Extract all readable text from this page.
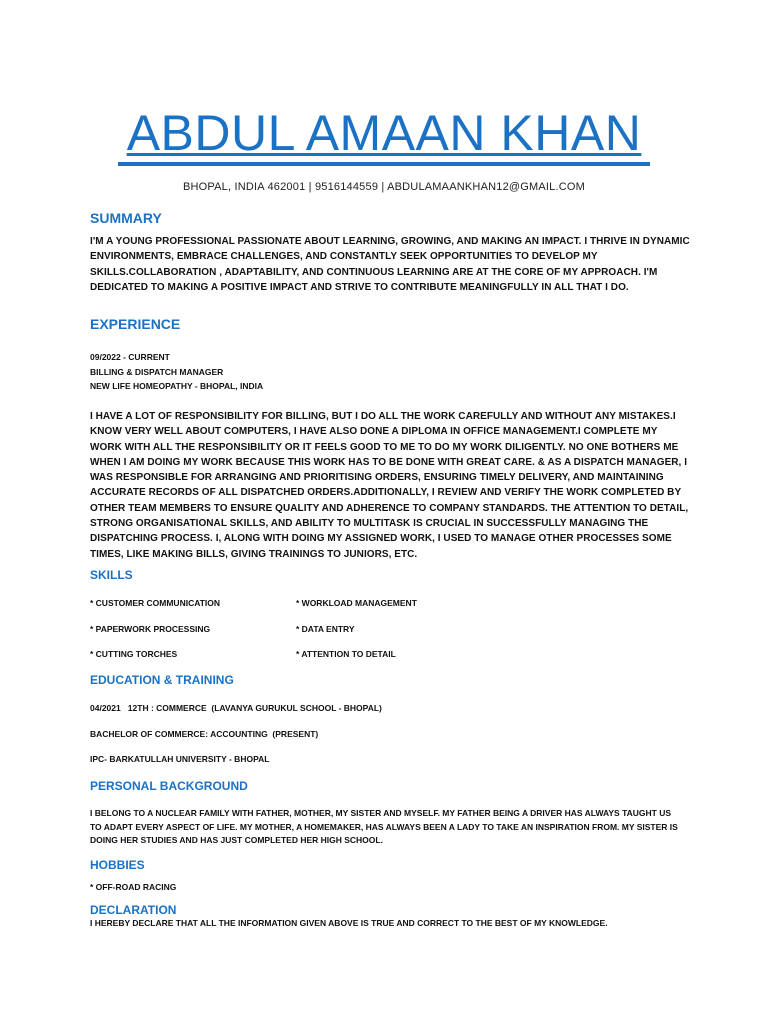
ABDUL AMAAN KHAN
BHOPAL, INDIA 462001 | 9516144559 | ABDULAMAANKHAN12@GMAIL.COM
SUMMARY

I'M A YOUNG PROFESSIONAL PASSIONATE ABOUT LEARNING, GROWING, AND MAKING AN IMPACT. I THRIVE IN DYNAMIC ENVIRONMENTS, EMBRACE CHALLENGES, AND CONSTANTLY SEEK OPPORTUNITIES TO DEVELOP MY SKILLS.COLLABORATION , ADAPTABILITY, AND CONTINUOUS LEARNING ARE AT THE CORE OF MY APPROACH. I'M DEDICATED TO MAKING A POSITIVE IMPACT AND STRIVE TO CONTRIBUTE MEANINGFULLY IN ALL THAT I DO.

EXPERIENCE

09/2022 - CURRENT

BILLING & DISPATCH MANAGER

NEW LIFE HOMEOPATHY - BHOPAL, INDIA

I HAVE A LOT OF RESPONSIBILITY FOR BILLING, BUT I DO ALL THE WORK CAREFULLY AND WITHOUT ANY MISTAKES.I KNOW VERY WELL ABOUT COMPUTERS, I HAVE ALSO DONE A DIPLOMA IN OFFICE MANAGEMENT.I COMPLETE MY WORK WITH ALL THE RESPONSIBILITY OR IT FEELS GOOD TO ME TO DO MY WORK DILIGENTLY. NO ONE BOTHERS ME WHEN I AM DOING MY WORK BECAUSE THIS WORK HAS TO BE DONE WITH GREAT CARE. & AS A DISPATCH MANAGER, I WAS RESPONSIBLE FOR ARRANGING AND PRIORITISING ORDERS, ENSURING TIMELY DELIVERY, AND MAINTAINING ACCURATE RECORDS OF ALL DISPATCHED ORDERS.ADDITIONALLY, I REVIEW AND VERIFY THE WORK COMPLETED BY OTHER TEAM MEMBERS TO ENSURE QUALITY AND ADHERENCE TO COMPANY STANDARDS. THE ATTENTION TO DETAIL, STRONG ORGANISATIONAL SKILLS, AND ABILITY TO MULTITASK IS CRUCIAL IN SUCCESSFULLY MANAGING THE DISPATCHING PROCESS. I, ALONG WITH DOING MY ASSIGNED WORK, I USED TO MANAGE OTHER PROCESSES SOME TIMES, LIKE MAKING BILLS, GIVING TRAININGS TO JUNIORS, ETC.

SKILLS

* CUSTOMER COMMUNICATION

* PAPERWORK PROCESSING

* CUTTING TORCHES

* WORKLOAD MANAGEMENT

* DATA ENTRY

* ATTENTION TO DETAIL

EDUCATION & TRAINING

04/2021   12TH : COMMERCE  (LAVANYA GURUKUL SCHOOL - BHOPAL)

BACHELOR OF COMMERCE: ACCOUNTING  (PRESENT)

IPC- BARKATULLAH UNIVERSITY - BHOPAL

PERSONAL BACKGROUND

I BELONG TO A NUCLEAR FAMILY WITH FATHER, MOTHER, MY SISTER AND MYSELF. MY FATHER BEING A DRIVER HAS ALWAYS TAUGHT US TO ADAPT EVERY ASPECT OF LIFE. MY MOTHER, A HOMEMAKER, HAS ALWAYS BEEN A LADY TO TAKE AN INSPIRATION FROM. MY SISTER IS DOING HER STUDIES AND HAS JUST COMPLETED HER HIGH SCHOOL.

HOBBIES

* OFF-ROAD RACING

DECLARATION

I HEREBY DECLARE THAT ALL THE INFORMATION GIVEN ABOVE IS TRUE AND CORRECT TO THE BEST OF MY KNOWLEDGE.
